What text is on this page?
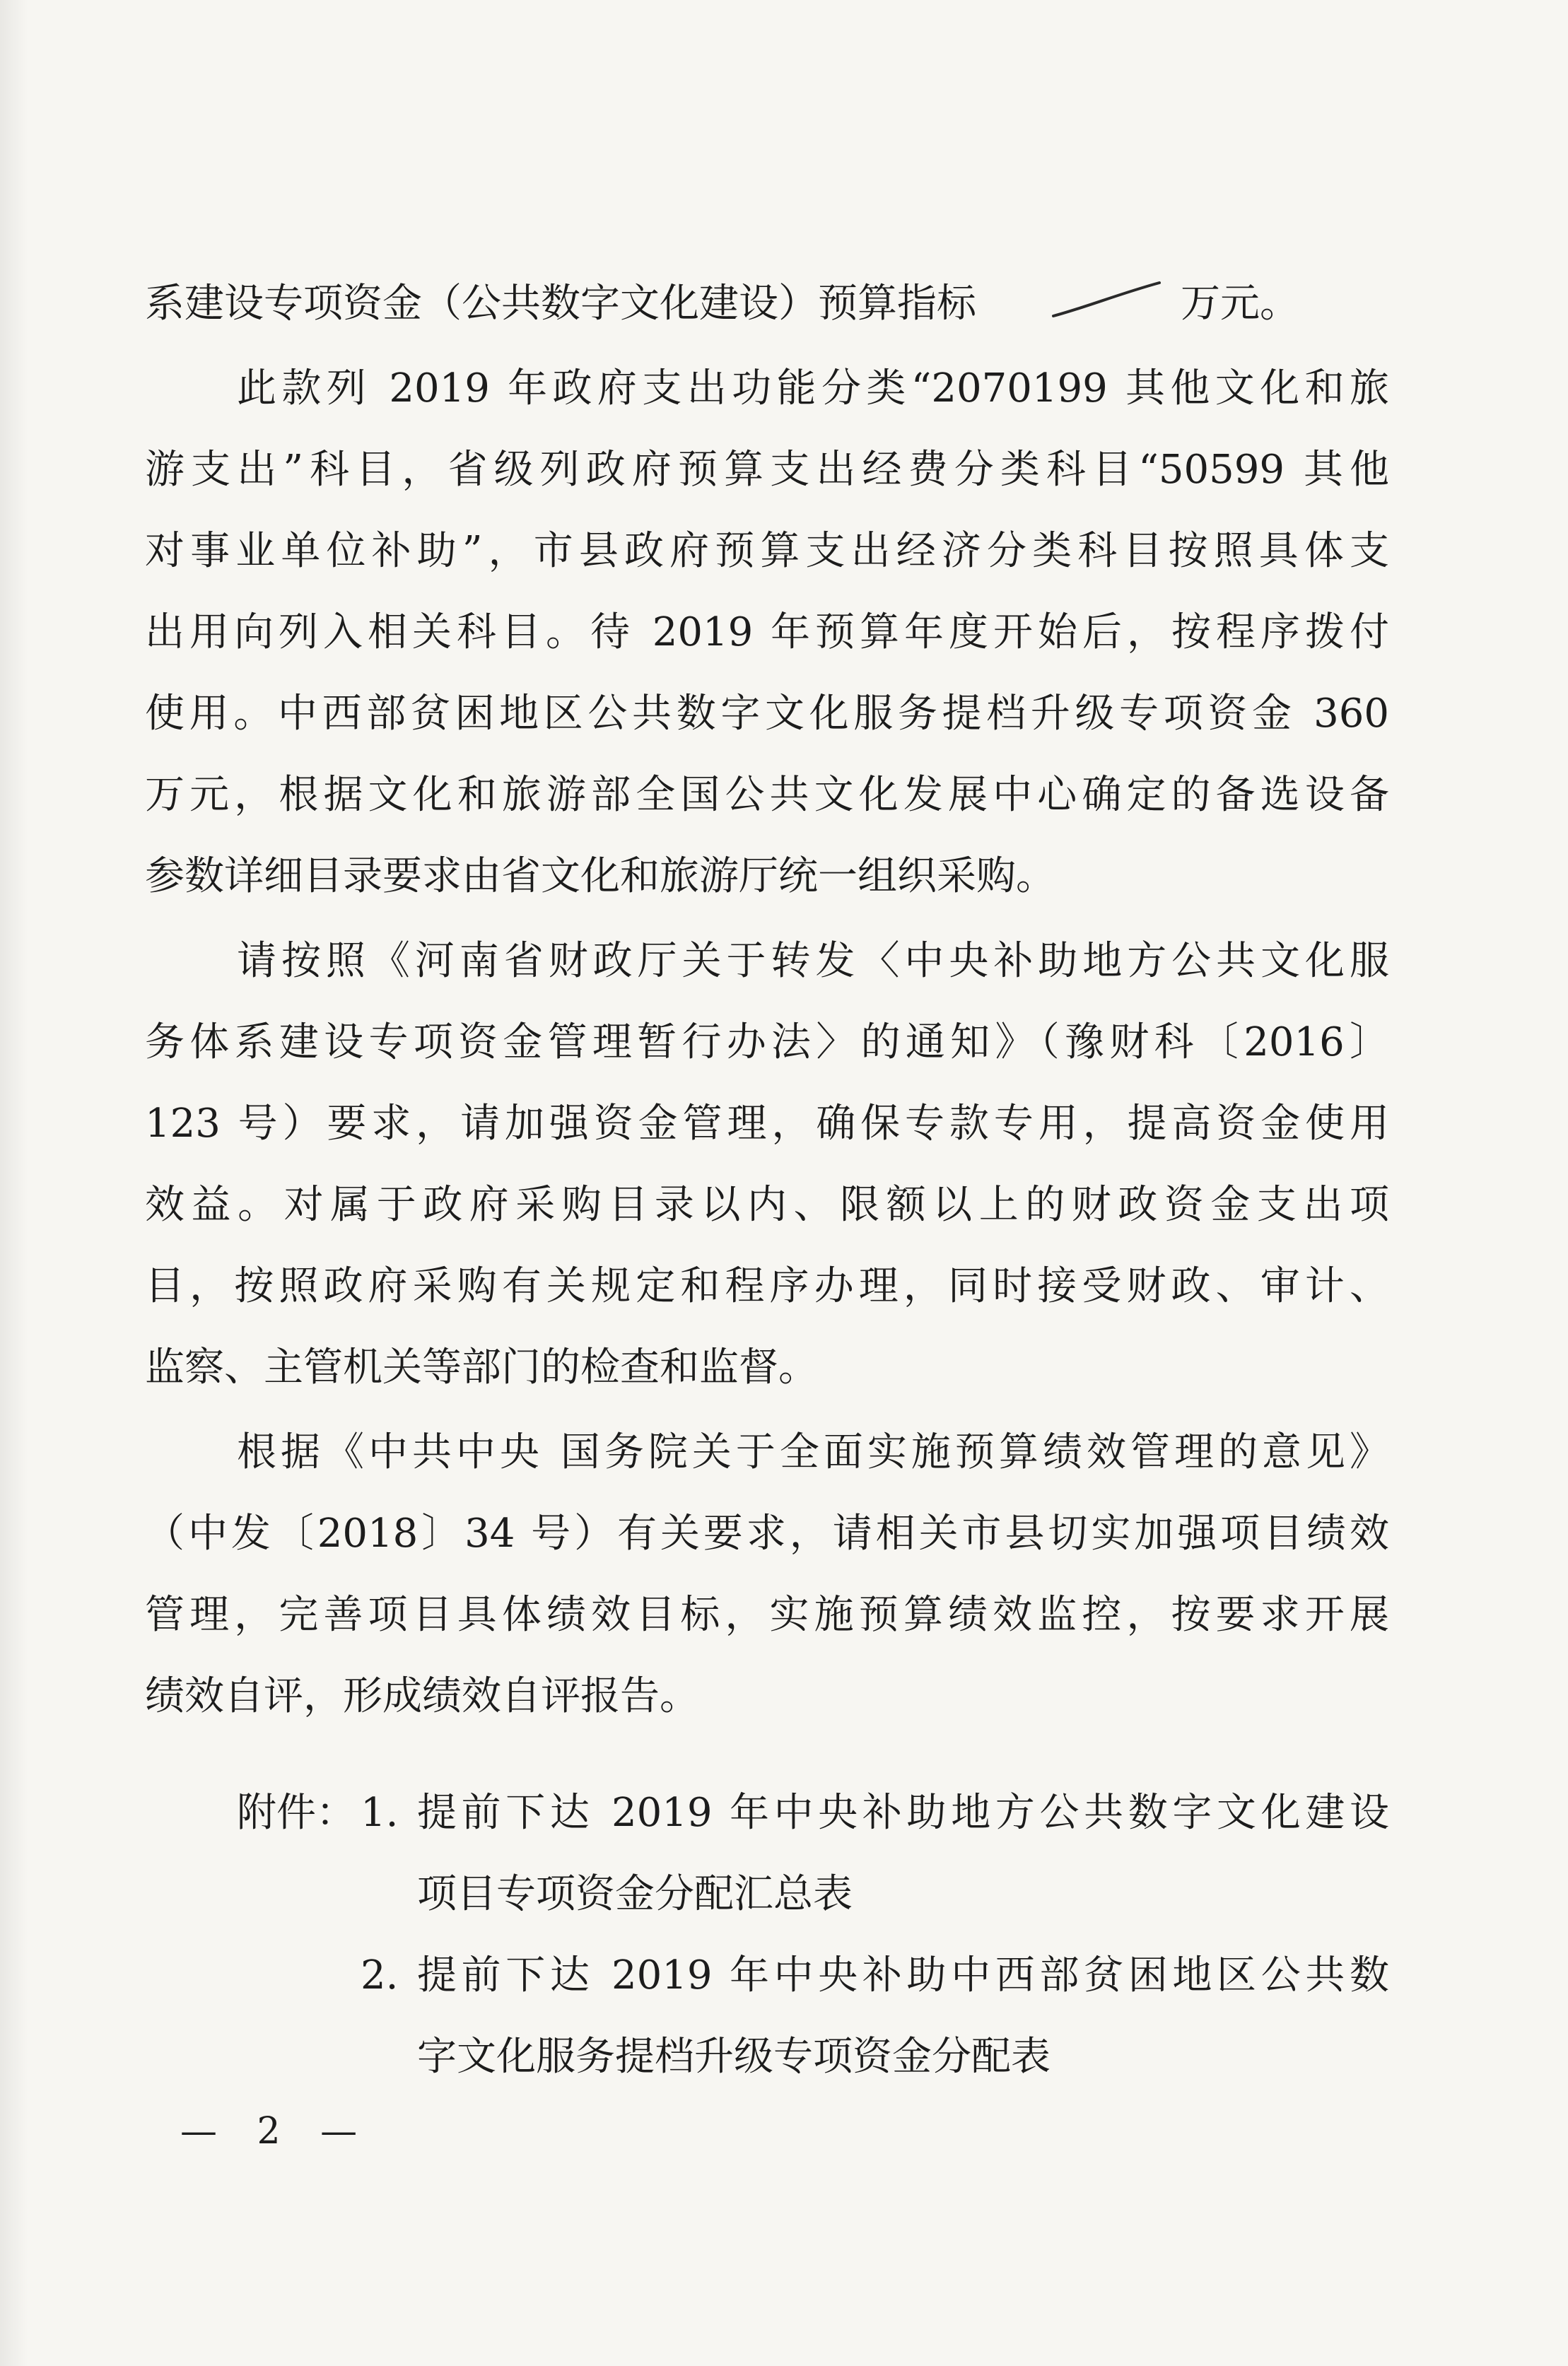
系建设专项资金（公共数字文化建设）预算指标	万元。
此款列 2019 年政府支出功能分类“2070199 其他文化和旅
游支出”科目，省级列政府预算支出经费分类科目“50599 其他
对事业单位补助”，市县政府预算支出经济分类科目按照具体支
出用向列入相关科目。待 2019 年预算年度开始后，按程序拨付
使用。中西部贫困地区公共数字文化服务提档升级专项资金 360
万元，根据文化和旅游部全国公共文化发展中心确定的备选设备
参数详细目录要求由省文化和旅游厅统一组织采购。
请按照《河南省财政厅关于转发〈中央补助地方公共文化服
务体系建设专项资金管理暂行办法〉的通知》（豫财科〔2016〕
123 号）要求，请加强资金管理，确保专款专用，提高资金使用
效益。对属于政府采购目录以内、限额以上的财政资金支出项
目，按照政府采购有关规定和程序办理，同时接受财政、审计、
监察、主管机关等部门的检查和监督。
根据《中共中央 国务院关于全面实施预算绩效管理的意见》
（中发〔2018〕34 号）有关要求，请相关市县切实加强项目绩效
管理，完善项目具体绩效目标，实施预算绩效监控，按要求开展
绩效自评，形成绩效自评报告。
附件： 1. 提前下达 2019 年中央补助地方公共数字文化建设
项目专项资金分配汇总表
2. 提前下达 2019 年中央补助中西部贫困地区公共数
字文化服务提档升级专项资金分配表
— 2 —
